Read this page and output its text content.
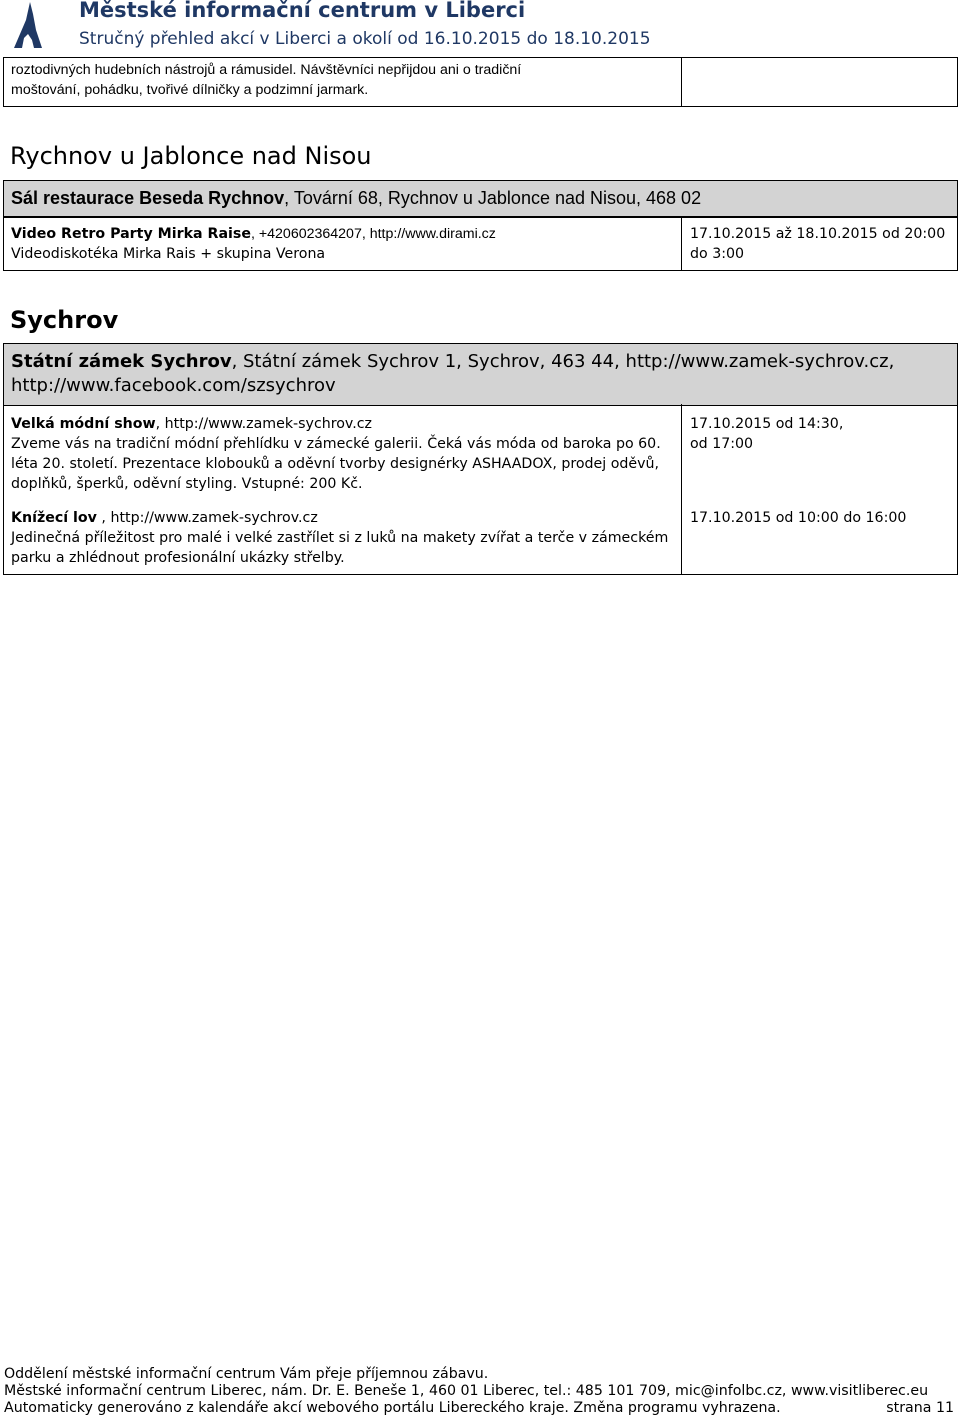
Městské informační centrum v Liberci
Stručný přehled akcí v Liberci a okolí od 16.10.2015 do 18.10.2015
roztodivných hudebních nástrojů a rámusidel. Návštěvníci nepřijdou ani o tradiční
moštování, pohádku, tvořivé dílničky a podzimní jarmark.
Rychnov u Jablonce nad Nisou
Sál restaurace Beseda Rychnov, Tovární 68, Rychnov u Jablonce nad Nisou, 468 02
Video Retro Party Mirka Raise, +420602364207, http://www.dirami.cz
Videodiskotéka Mirka Rais + skupina Verona
17.10.2015 až 18.10.2015 od 20:00
do 3:00
Sychrov
Státní zámek Sychrov, Státní zámek Sychrov 1, Sychrov, 463 44, http://www.zamek-sychrov.cz,
http://www.facebook.com/szsychrov
Velká módní show, http://www.zamek-sychrov.cz
Zveme vás na tradiční módní přehlídku v zámecké galerii. Čeká vás móda od baroka po 60.
léta 20. století. Prezentace klobouků a oděvní tvorby designérky ASHAADOX, prodej oděvů,
doplňků, šperků, oděvní styling. Vstupné: 200 Kč.
Knížecí lov , http://www.zamek-sychrov.cz
Jedinečná příležitost pro malé i velké zastřílet si z luků na makety zvířat a terče v zámeckém
parku a zhlédnout profesionální ukázky střelby.
17.10.2015 od 14:30,
od 17:00
17.10.2015 od 10:00 do 16:00
Oddělení městské informační centrum Vám přeje příjemnou zábavu.
Městské informační centrum Liberec, nám. Dr. E. Beneše 1, 460 01 Liberec, tel.: 485 101 709, mic@infolbc.cz, www.visitliberec.eu
Automaticky generováno z kalendáře akcí webového portálu Libereckého kraje. Změna programu vyhrazena.	strana 11
